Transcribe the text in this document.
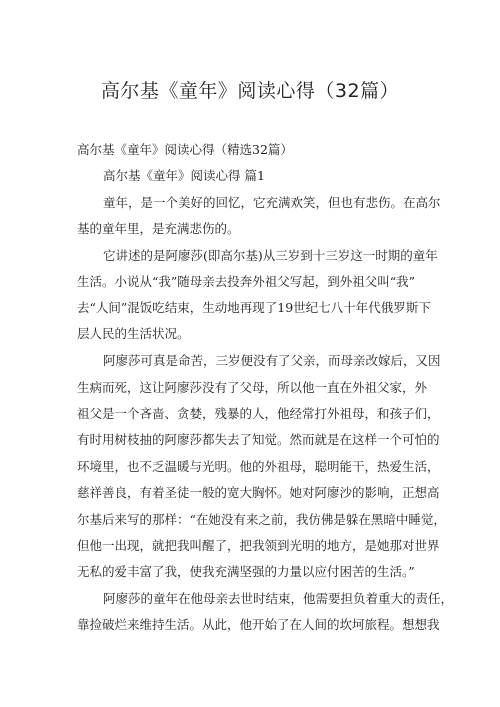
高尔基《童年》阅读心得（32篇）
高尔基《童年》阅读心得（精选32篇）
高尔基《童年》阅读心得 篇1
童年，是一个美好的回忆，它充满欢笑，但也有悲伤。在高尔
基的童年里，是充满悲伤的。
它讲述的是阿廖莎(即高尔基)从三岁到十三岁这一时期的童年
生活。小说从“我”随母亲去投奔外祖父写起，到外祖父叫“我”
去“人间”混饭吃结束，生动地再现了19世纪七八十年代俄罗斯下
层人民的生活状况。
阿廖莎可真是命苦，三岁便没有了父亲，而母亲改嫁后，又因
生病而死，这让阿廖莎没有了父母，所以他一直在外祖父家，外
祖父是一个吝啬、贪婪，残暴的人，他经常打外祖母，和孩子们，
有时用树枝抽的阿廖莎都失去了知觉。然而就是在这样一个可怕的
环境里，也不乏温暖与光明。他的外祖母，聪明能干，热爱生活，
慈祥善良，有着圣徒一般的宽大胸怀。她对阿廖沙的影响，正想高
尔基后来写的那样：“在她没有来之前，我仿佛是躲在黑暗中睡觉，
但他一出现，就把我叫醒了，把我领到光明的地方，是她那对世界
无私的爱丰富了我，使我充满坚强的力量以应付困苦的生活。”
阿廖莎的童年在他母亲去世时结束，他需要担负着重大的责任，
靠捡破烂来维持生活。从此，他开始了在人间的坎坷旅程。想想我
